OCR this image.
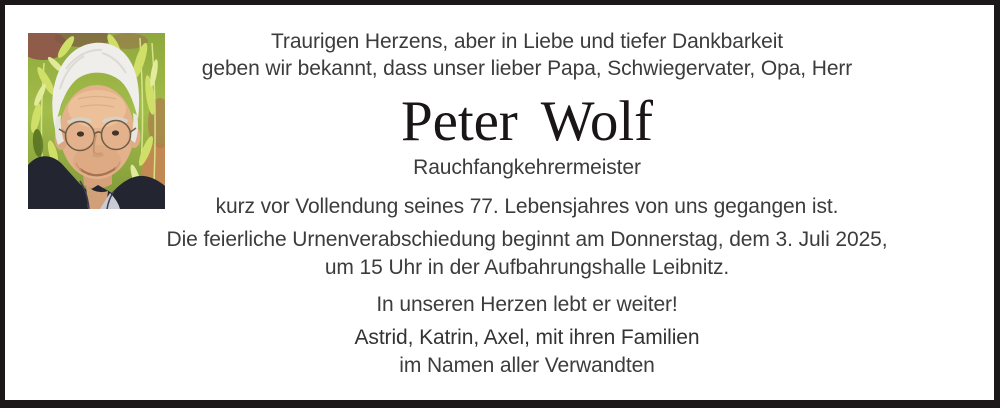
Traurigen Herzens, aber in Liebe und tiefer Dankbarkeit
geben wir bekannt, dass unser lieber Papa, Schwiegervater, Opa, Herr

Peter Wolf

Rauchfangkehrermeister

kurz vor Vollendung seines 77. Lebensjahres von uns gegangen ist.

Die feierliche Urnenverabschiedung beginnt am Donnerstag, dem 3. Juli 2025,
um 15 Uhr in der Aufbahrungshalle Leibnitz.

In unseren Herzen lebt er weiter!

Astrid, Katrin, Axel, mit ihren Familien

im Namen aller Verwandten
